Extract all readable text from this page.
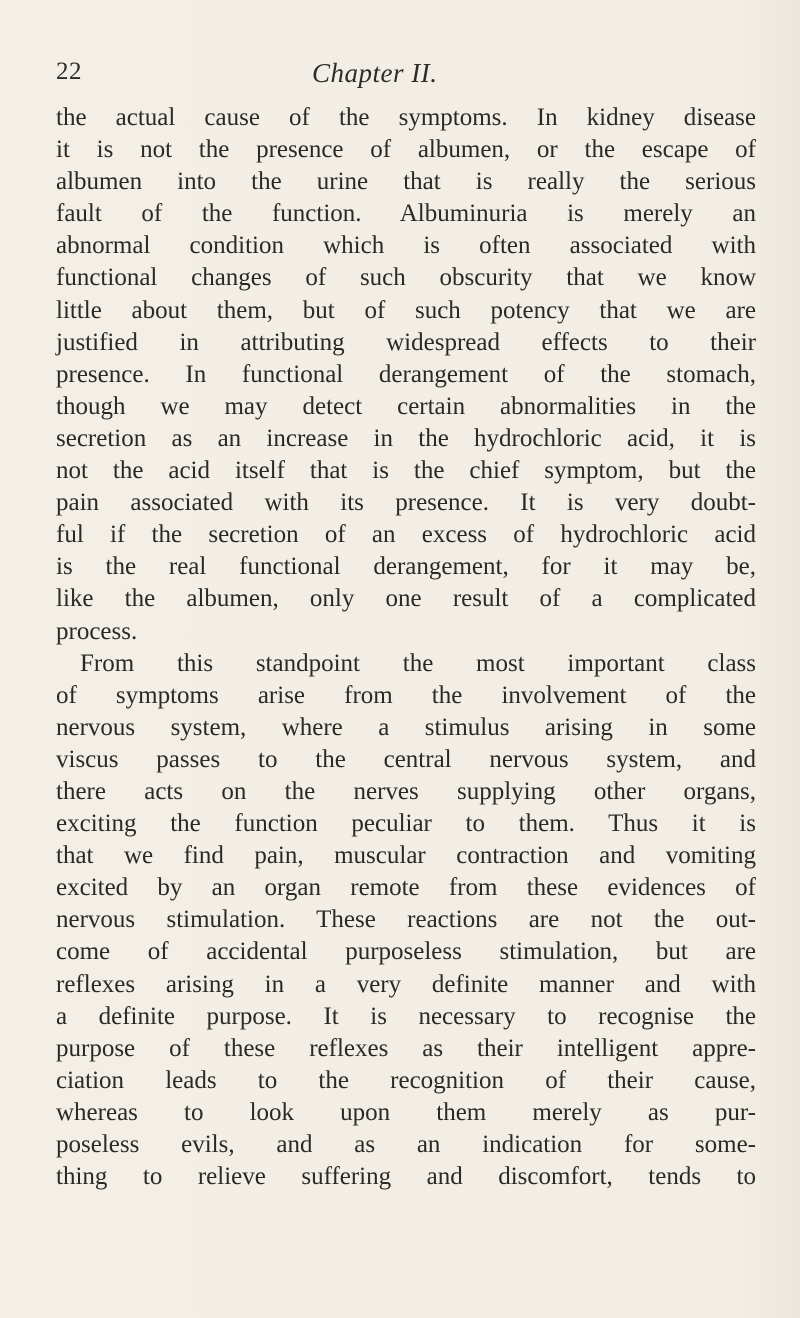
22	Chapter II.
the actual cause of the symptoms. In kidney disease
it is not the presence of albumen, or the escape of
albumen into the urine that is really the serious
fault of the function. Albuminuria is merely an
abnormal condition which is often associated with
functional changes of such obscurity that we know
little about them, but of such potency that we are
justified in attributing widespread effects to their
presence. In functional derangement of the stomach,
though we may detect certain abnormalities in the
secretion as an increase in the hydrochloric acid, it is
not the acid itself that is the chief symptom, but the
pain associated with its presence. It is very doubt-
ful if the secretion of an excess of hydrochloric acid
is the real functional derangement, for it may be,
like the albumen, only one result of a complicated
process.
From this standpoint the most important class
of symptoms arise from the involvement of the
nervous system, where a stimulus arising in some
viscus passes to the central nervous system, and
there acts on the nerves supplying other organs,
exciting the function peculiar to them. Thus it is
that we find pain, muscular contraction and vomiting
excited by an organ remote from these evidences of
nervous stimulation. These reactions are not the out-
come of accidental purposeless stimulation, but are
reflexes arising in a very definite manner and with
a definite purpose. It is necessary to recognise the
purpose of these reflexes as their intelligent appre-
ciation leads to the recognition of their cause,
whereas to look upon them merely as pur-
poseless evils, and as an indication for some-
thing to relieve suffering and discomfort, tends to
